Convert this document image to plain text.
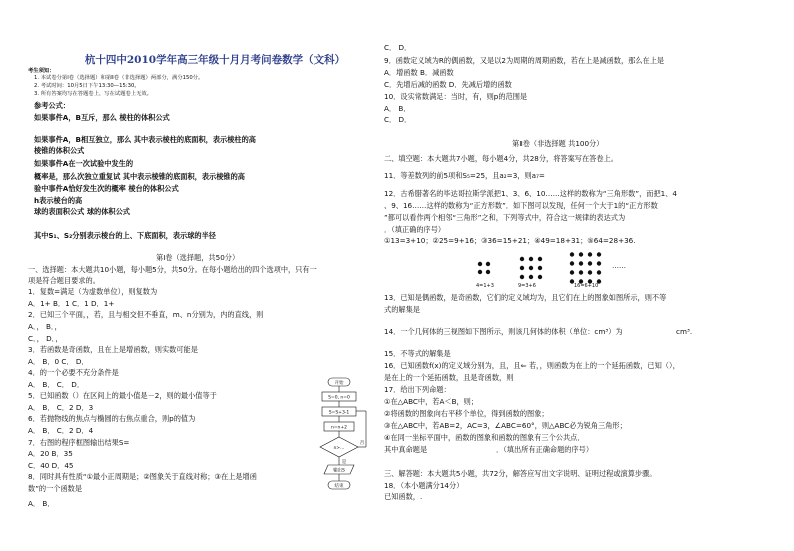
杭十四中2010学年高三年级十月月考问卷数学（文科）
考生须知：
1. 本试卷分第Ⅰ卷（选择题）和第Ⅱ卷（非选择题）两部分，满分150分。
2. 考试时间：10月5日下午13:30—15:30。
3. 所有答案均写在答题卷上，写在试题卷上无效。
参考公式：
如果事件A，B互斥，那么 棱柱的体积公式
如果事件A，B相互独立，那么 其中表示棱柱的底面积，表示棱柱的高
棱锥的体积公式
如果事件A在一次试验中发生的
概率是，那么次独立重复试 其中表示棱锥的底面积，表示棱锥的高
验中事件A恰好发生次的概率 棱台的体积公式
h表示棱台的高
球的表面积公式 球的体积公式
其中S₁、S₂分别表示棱台的上、下底面积，表示球的半径
第Ⅰ卷（选择题，共50分）
一、选择题：本大题共10小题，每小题5分，共50分。在每小题给出的四个选项中，只有一
项是符合题目要求的。
1．复数=满足（为虚数单位），则复数为
A．1+ B．1 C．1 D．1+
2．已知三个平面，，若，且与相交但不垂直，m、n分别为，内的直线，则
A．， B．，
C．， D．，
3．若函数是奇函数，且在上是增函数，则实数可能是
A． B．0 C． D．
4．的一个必要不充分条件是
A． B． C． D．
5．已知函数（）在区间上的最小值是－2，则的最小值等于
A． B． C．2 D．3
6．若抛物线的焦点与椭圆的右焦点重合，则p的值为
A． B． C．2 D．4
7．右图的程序框图输出结果S=
A．20 B．35
C．40 D．45
8．同时具有性质“①最小正周期是；②图象关于直线对称；③在上是增函
数”的一个函数是
A． B．
开始
S=0, n=0
S=S+3-1
n=n+2
n>…
输出S
结束
是
否
C． D．
9．函数定义域为R的偶函数，又是以2为周期的周期函数，若在上是减函数，那么在上是
A．增函数 B．减函数
C．先增后减的函数 D．先减后增的函数
10．设实常数满足：当时，有，则p的范围是
A． B．
C． D．
第Ⅱ卷（非选择题 共100分）
二、填空题：本大题共7小题，每小题4分，共28分，将答案写在答卷上。
11．等差数列的前5项和S₅=25，且a₂=3，则a₇=
12．古希腊著名的毕达哥拉斯学派把1、3、6、10……这样的数称为“三角形数”，而把1、4
、9、16……这样的数称为“正方形数”．如下图可以发现，任何一个大于1的“正方形数
”都可以看作两个相邻“三角形”之和，下列等式中，符合这一规律的表达式为
．（填正确的序号）
①13=3+10；②25=9+16；③36=15+21；④49=18+31；⑤64=28+36.
13．已知是偶函数，是奇函数，它们的定义域均为，且它们在上的图象如图所示，则不等
式的解集是
14．一个几何体的三视图如下图所示，则该几何体的体积（单位：cm³）为
15．不等式的解集是
16．已知函数f(x)的定义域分别为，且，且⇐ 若，，则函数为在上的一个延拓函数，已知（），
是在上的一个延拓函数，且是奇函数，则
17．给出下列命题：
①在△ABC中，若A＜B，则；
②将函数的图象向右平移个单位，得到函数的图象；
③在△ABC中，若AB=2，AC=3，∠ABC=60°，则△ABC必为锐角三角形；
④在同一坐标平面中，函数的图象和函数的图象有三个公共点．
其中真命题是	．（填出所有正确命题的序号）
三、解答题：本大题共5小题，共72分，解答应写出文字说明、证明过程或演算步骤。
18．（本小题满分14分）
已知函数，.
cm³.
4=1+3	9=3+6	16=6+10
……
